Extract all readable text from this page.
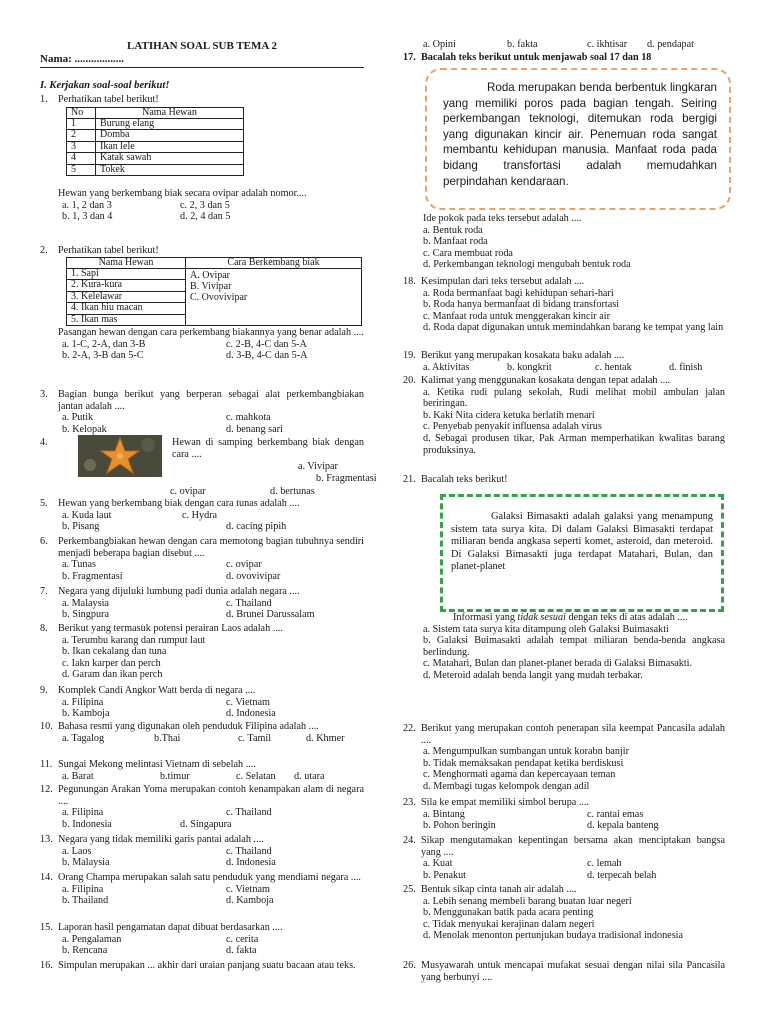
LATIHAN SOAL SUB TEMA 2
Nama: ..................
I. Kerjakan soal-soal berikut!
1.	Perhatikan tabel berikut!
No	Nama Hewan
1	Burung elang
2	Domba
3	Ikan lele
4	Katak sawah
5	Tokek
Hewan yang berkembang biak secara ovipar adalah nomor....
a. 1, 2 dan 3	c. 2, 3 dan 5
b. 1, 3 dan 4	d. 2, 4 dan 5
2.	Perhatikan tabel berikut!
Nama Hewan	Cara Berkembang biak
1. Sapi	A. Ovipar
B. Vivipar
C. Ovovivipar

2. Kura-kura	
3. Kelelawar	
4. Ikan hiu macan	
5. Ikan mas	
Pasangan hewan dengan cara perkembang biakannya yang benar adalah ....
a. 1-C, 2-A, dan 3-B	c. 2-B, 4-C dan 5-A
b. 2-A, 3-B dan 5-C	d. 3-B, 4-C dan 5-A
3.	Bagian bunga berikut yang berperan sebagai alat perkembangbiakan jantan adalah ....
a. Putik	c. mahkota
b. Kelopak	d. benang sari
4.	Hewan di samping berkembang biak dengan cara ....
a. Vivipar
b. Fragmentasi
c. ovipar	d. bertunas
5.	Hewan yang berkembang biak dengan cara tunas adalah ....
a. Kuda laut	c. Hydra
b. Pisang	d. cacing pipih
6.	Perkembangbiakan hewan dengan cara memotong bagian tubuhnya sendiri menjadi beberapa bagian disebut ....
a. Tunas	c. ovipar
b. Fragmentasi	d. ovovivipar
7.	Negara yang dijuluki lumbung padi dunia adalah negara ....
a. Malaysia	c. Thailand
b. Singpura	d. Brunei Darussalam
8.	Berikut yang termasuk potensi perairan Laos adalah ....
a. Terumbu karang dan rumput laut
b. Ikan cekalang dan tuna
c. Iakn karper dan perch
d. Garam dan ikan perch
9.	Komplek Candi Angkor Watt berda di negara ....
a. Filipina	c. Vietnam
b. Kamboja	d. Indonesia
10. Bahasa resmi yang digunakan oleh penduduk Filipina adalah ....
a. Tagalog	b.Thai	c. Tamil	d. Khmer
11. Sungai Mekong melintasi Vietnam di sebelah ....
a. Barat	b.timur	c. Selatan d. utara
12. Pegunungan Arakan Yoma merupakan contoh kenampakan alam di negara ....
a. Filipina	c. Thailand
b. Indonesia	d. Singapura
13. Negara yang tidak memiliki garis pantai adalah ....
a. Laos	c. Thailand
b. Malaysia	d. Indonesia
14. Orang Champa merupakan salah satu penduduk yang mendiami negara ....
a. Filipina	c. Vietnam
b. Thailand	d. Kamboja
15. Laporan hasil pengamatan dapat dibuat berdasarkan ....
a. Pengalaman	c. cerita
b. Rencana	d. fakta
16. Simpulan merupakan ... akhir dari uraian panjang suatu bacaan atau teks.
a. Opini	b. fakta	c. ikhtisar d. pendapat
17. Bacalah teks berikut untuk menjawab soal 17 dan 18

Roda merupakan benda berbentuk lingkaran yang memiliki poros pada bagian tengah. Seiring perkembangan teknologi, ditemukan roda bergigi yang digunakan kincir air. Penemuan roda sangat membantu kehidupan manusia. Manfaat roda pada bidang transfortasi adalah memudahkan perpindahan kendaraan.

Ide pokok pada teks tersebut adalah ....
a. Bentuk roda
b. Manfaat roda
c. Cara membuat roda
d. Perkembangan teknologi mengubah bentuk roda
18. Kesimpulan dari teks tersebut adalah ....
a. Roda bermanfaat bagi kehidupan sehari-hari
b. Roda hanya bermanfaat di bidang transfortasi
c. Manfaat roda untuk menggerakan kincir air
d. Roda dapat digunakan untuk memindahkan barang ke tempat yang lain
19. Berikut yang merupakan kosakata baku adalah ....
a. Aktivitas	b. kongkrit	c. hentak	d. finish
20. Kalimat yang menggunakan kosakata dengan tepat adalah ....
a. Ketika rudi pulang sekolah, Rudi melihat mobil ambulan jalan beriringan.
b. Kaki Nita cidera ketuka berlatih menari
c. Penyebab penyakit influensa adalah virus
d. Sebagai produsen tikar, Pak Arman memperhatikan kwalitas barang produksinya.
21. Bacalah teks berikut!

Galaksi Bimasakti adalah galaksi yang menampung sistem tata surya kita. Di dalam Galaksi Bimasakti terdapat miliaran benda angkasa seperti komet, asteroid, dan meteroid. Di Galaksi Bimasakti juga terdapat Matahari, Bulan, dan planet-planet

Informasi yang tidak sesuai dengan teks di atas adalah ....
a. Sistem tata surya kita ditampung oleh Galaksi Buimasakti
b. Galaksi Buimasakti adalah tempat miliaran benda-benda angkasa berlindung.
c. Matahari, Bulan dan planet-planet berada di Galaksi Bimasakti.
d. Meteroid adalah benda langit yang mudah terbakar.
22. Berikut yang merupakan contoh penerapan sila keempat Pancasila adalah ....
a. Mengumpulkan sumbangan untuk korabn banjir
b. Tidak memaksakan pendapat ketika berdiskusi
c. Menghormati agama dan kepercayaan teman
d. Membagi tugas kelompok dengan adil
23. Sila ke empat memiliki simbol berupa ....
a. Bintang	c. rantai emas
b. Pohon beringin	d. kepala banteng
24. Sikap mengutamakan kepentingan bersama akan menciptakan bangsa yang ....
a. Kuat	c. lemah
b. Penakut	d. terpecah belah
25. Bentuk sikap cinta tanah air adalah ....
a. Lebih senang membeli barang buatan luar negeri
b. Menggunakan batik pada acara penting
c. Tidak menyukai kerajinan dalam negeri
d. Menolak menonton pertunjukan budaya tradisional indonesia
26. Musyawarah untuk mencapai mufakat sesuai dengan nilai sila Pancasila yang berbunyi ....
